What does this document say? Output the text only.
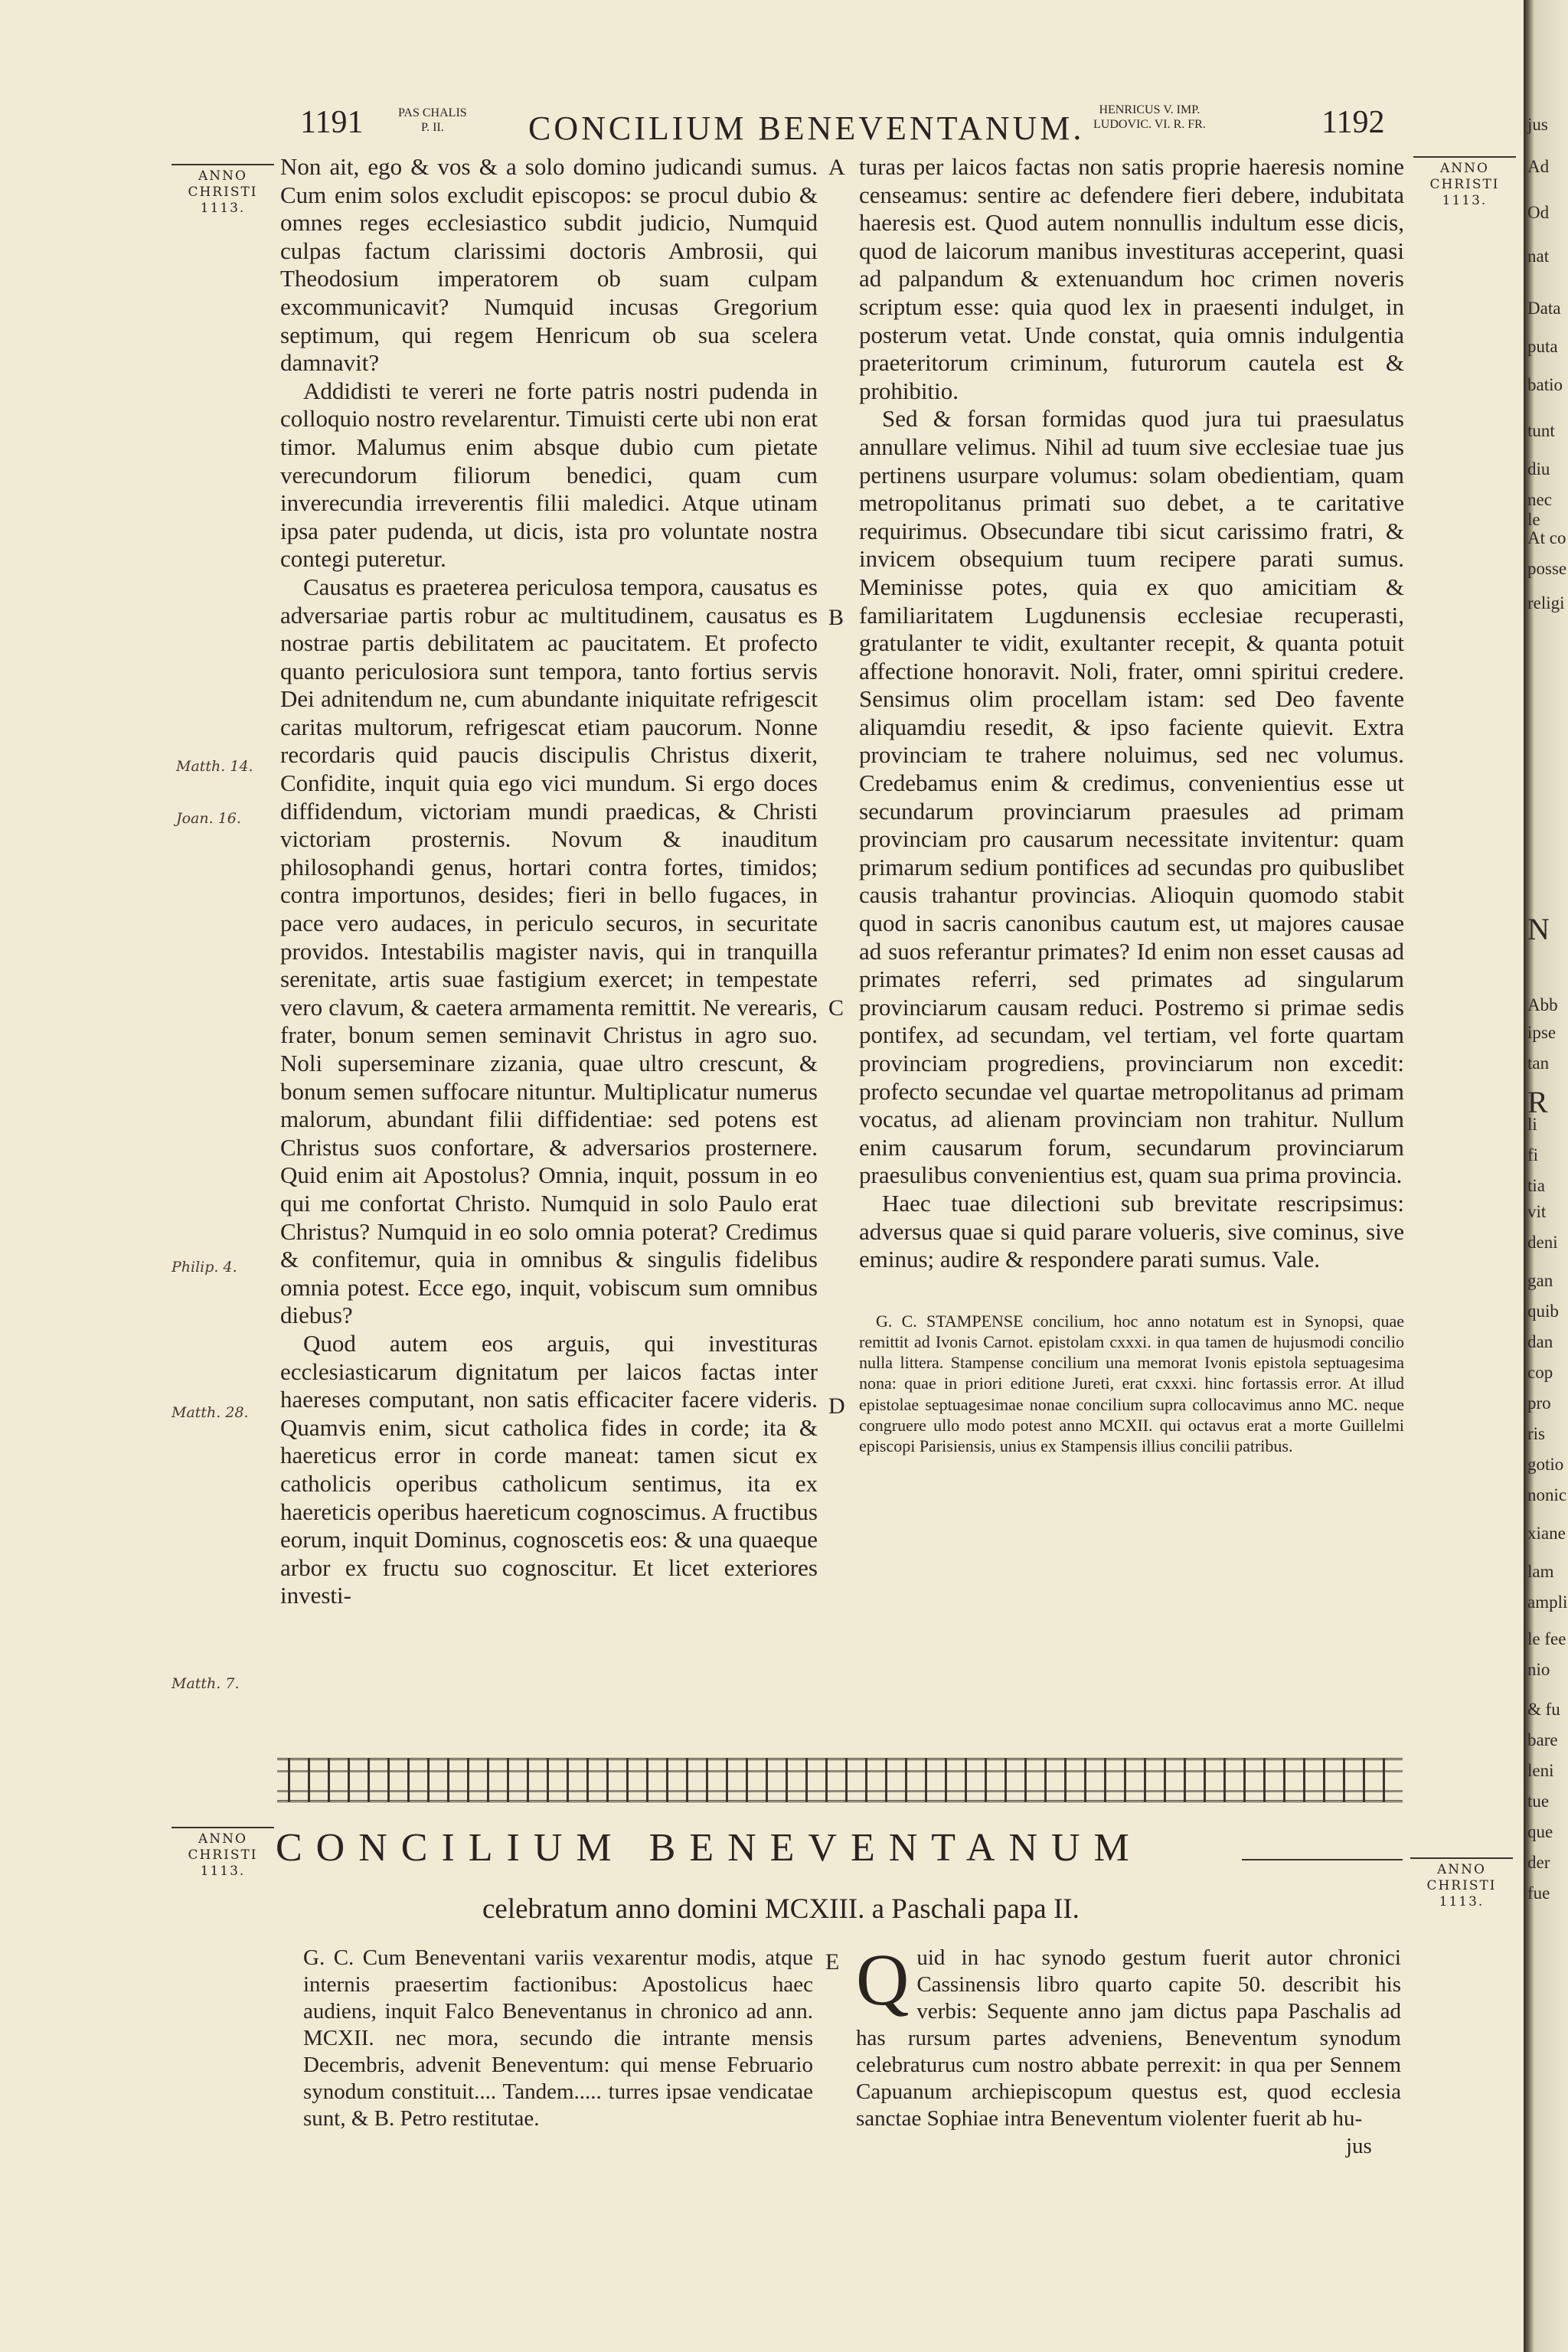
1191	PAS CHALIS
P. II.	CONCILIUM BENEVENTANUM.	HENRICUS V. IMP.
LUDOVIC. VI. R. FR.	1192
ANNO
CHRISTI
1113.
ANNO
CHRISTI
1113.
ANNO
CHRISTI
1113.	ANNO
CHRISTI
1113.
Matth. 14.
Joan. 16.
Philip. 4.
Matth. 28.
Matth. 7.
A
B
C
D
E

Non ait, ego & vos & a solo domino judicandi sumus. Cum enim solos excludit episcopos: se procul dubio & omnes reges ecclesiastico subdit judicio, Numquid culpas factum clarissimi doctoris Ambrosii, qui Theodosium imperatorem ob suam culpam excommunicavit? Numquid incusas Gregorium septimum, qui regem Henricum ob sua scelera damnavit?

Addidisti te vereri ne forte patris nostri pudenda in colloquio nostro revelarentur. Timuisti certe ubi non erat timor. Malumus enim absque dubio cum pietate verecundorum filiorum benedici, quam cum inverecundia irreverentis filii maledici. Atque utinam ipsa pater pudenda, ut dicis, ista pro voluntate nostra contegi puteretur.

Causatus es praeterea periculosa tempora, causatus es adversariae partis robur ac multitudinem, causatus es nostrae partis debilitatem ac paucitatem. Et profecto quanto periculosiora sunt tempora, tanto fortius servis Dei adnitendum ne, cum abundante iniquitate refrigescit caritas multorum, refrigescat etiam paucorum. Nonne recordaris quid paucis discipulis Christus dixerit, Confidite, inquit quia ego vici mundum. Si ergo doces diffidendum, victoriam mundi praedicas, & Christi victoriam prosternis. Novum & inauditum philosophandi genus, hortari contra fortes, timidos; contra importunos, desides; fieri in bello fugaces, in pace vero audaces, in periculo securos, in securitate providos. Intestabilis magister navis, qui in tranquilla serenitate, artis suae fastigium exercet; in tempestate vero clavum, & caetera armamenta remittit. Ne verearis, frater, bonum semen seminavit Christus in agro suo. Noli superseminare zizania, quae ultro crescunt, & bonum semen suffocare nituntur. Multiplicatur numerus malorum, abundant filii diffidentiae: sed potens est Christus suos confortare, & adversarios prosternere. Quid enim ait Apostolus? Omnia, inquit, possum in eo qui me confortat Christo. Numquid in solo Paulo erat Christus? Numquid in eo solo omnia poterat? Credimus & confitemur, quia in omnibus & singulis fidelibus omnia potest. Ecce ego, inquit, vobiscum sum omnibus diebus?

Quod autem eos arguis, qui investituras ecclesiasticarum dignitatum per laicos factas inter haereses computant, non satis efficaciter facere videris. Quamvis enim, sicut catholica fides in corde; ita & haereticus error in corde maneat: tamen sicut ex catholicis operibus catholicum sentimus, ita ex haereticis operibus haereticum cognoscimus. A fructibus eorum, inquit Dominus, cognoscetis eos: & una quaeque arbor ex fructu suo cognoscitur. Et licet exteriores investi-

turas per laicos factas non satis proprie haeresis nomine censeamus: sentire ac defendere fieri debere, indubitata haeresis est. Quod autem nonnullis indultum esse dicis, quod de laicorum manibus investituras acceperint, quasi ad palpandum & extenuandum hoc crimen noveris scriptum esse: quia quod lex in praesenti indulget, in posterum vetat. Unde constat, quia omnis indulgentia praeteritorum criminum, futurorum cautela est & prohibitio.

Sed & forsan formidas quod jura tui praesulatus annullare velimus. Nihil ad tuum sive ecclesiae tuae jus pertinens usurpare volumus: solam obedientiam, quam metropolitanus primati suo debet, a te caritative requirimus. Obsecundare tibi sicut carissimo fratri, & invicem obsequium tuum recipere parati sumus. Meminisse potes, quia ex quo amicitiam & familiaritatem Lugdunensis ecclesiae recuperasti, gratulanter te vidit, exultanter recepit, & quanta potuit affectione honoravit. Noli, frater, omni spiritui credere. Sensimus olim procellam istam: sed Deo favente aliquamdiu resedit, & ipso faciente quievit. Extra provinciam te trahere noluimus, sed nec volumus. Credebamus enim & credimus, convenientius esse ut secundarum provinciarum praesules ad primam provinciam pro causarum necessitate invitentur: quam primarum sedium pontifices ad secundas pro quibuslibet causis trahantur provincias. Alioquin quomodo stabit quod in sacris canonibus cautum est, ut majores causae ad suos referantur primates? Id enim non esset causas ad primates referri, sed primates ad singularum provinciarum causam reduci. Postremo si primae sedis pontifex, ad secundam, vel tertiam, vel forte quartam provinciam progrediens, provinciarum non excedit: profecto secundae vel quartae metropolitanus ad primam vocatus, ad alienam provinciam non trahitur. Nullum enim causarum forum, secundarum provinciarum praesulibus convenientius est, quam sua prima provincia.

Haec tuae dilectioni sub brevitate rescripsimus: adversus quae si quid parare volueris, sive cominus, sive eminus; audire & respondere parati sumus. Vale.

G. C. STAMPENSE concilium, hoc anno notatum est in Synopsi, quae remittit ad Ivonis Carnot. epistolam cxxxi. in qua tamen de hujusmodi concilio nulla littera. Stampense concilium una memorat Ivonis epistola septuagesima nona: quae in priori editione Jureti, erat cxxxi. hinc fortassis error. At illud epistolae septuagesimae nonae concilium supra collocavimus anno MC. neque congruere ullo modo potest anno MCXII. qui octavus erat a morte Guillelmi episcopi Parisiensis, unius ex Stampensis illius concilii patribus.

CONCILIUM BENEVENTANUM
celebratum anno domini MCXIII. a Paschali papa II.

G. C. Cum Beneventani variis vexarentur modis, atque internis praesertim factionibus: Apostolicus haec audiens, inquit Falco Beneventanus in chronico ad ann. MCXII. nec mora, secundo die intrante mensis Decembris, advenit Beneventum: qui mense Februario synodum constituit.... Tandem..... turres ipsae vendicatae sunt, & B. Petro restitutae.

Quid in hac synodo gestum fuerit autor chronici Cassinensis libro quarto capite 50. describit his verbis: Sequente anno jam dictus papa Paschalis ad has rursum partes adveniens, Beneventum synodum celebraturus cum nostro abbate perrexit: in qua per Sennem Capuanum archiepiscopum questus est, quod ecclesia sanctae Sophiae intra Beneventum violenter fuerit ab hu-

jus
jus
Ad
Od
nat
Data
puta
batio
tunt
diu
nec le
At co
posse
religi
N
Abb
ipse
tan
R
li
fi
tia
vit
deni
gan
quib
dan
cop
pro
ris
gotio
nonic
xiane
lam
ampli
le fee
nio
& fu
bare
leni
tue
que
der
fue
